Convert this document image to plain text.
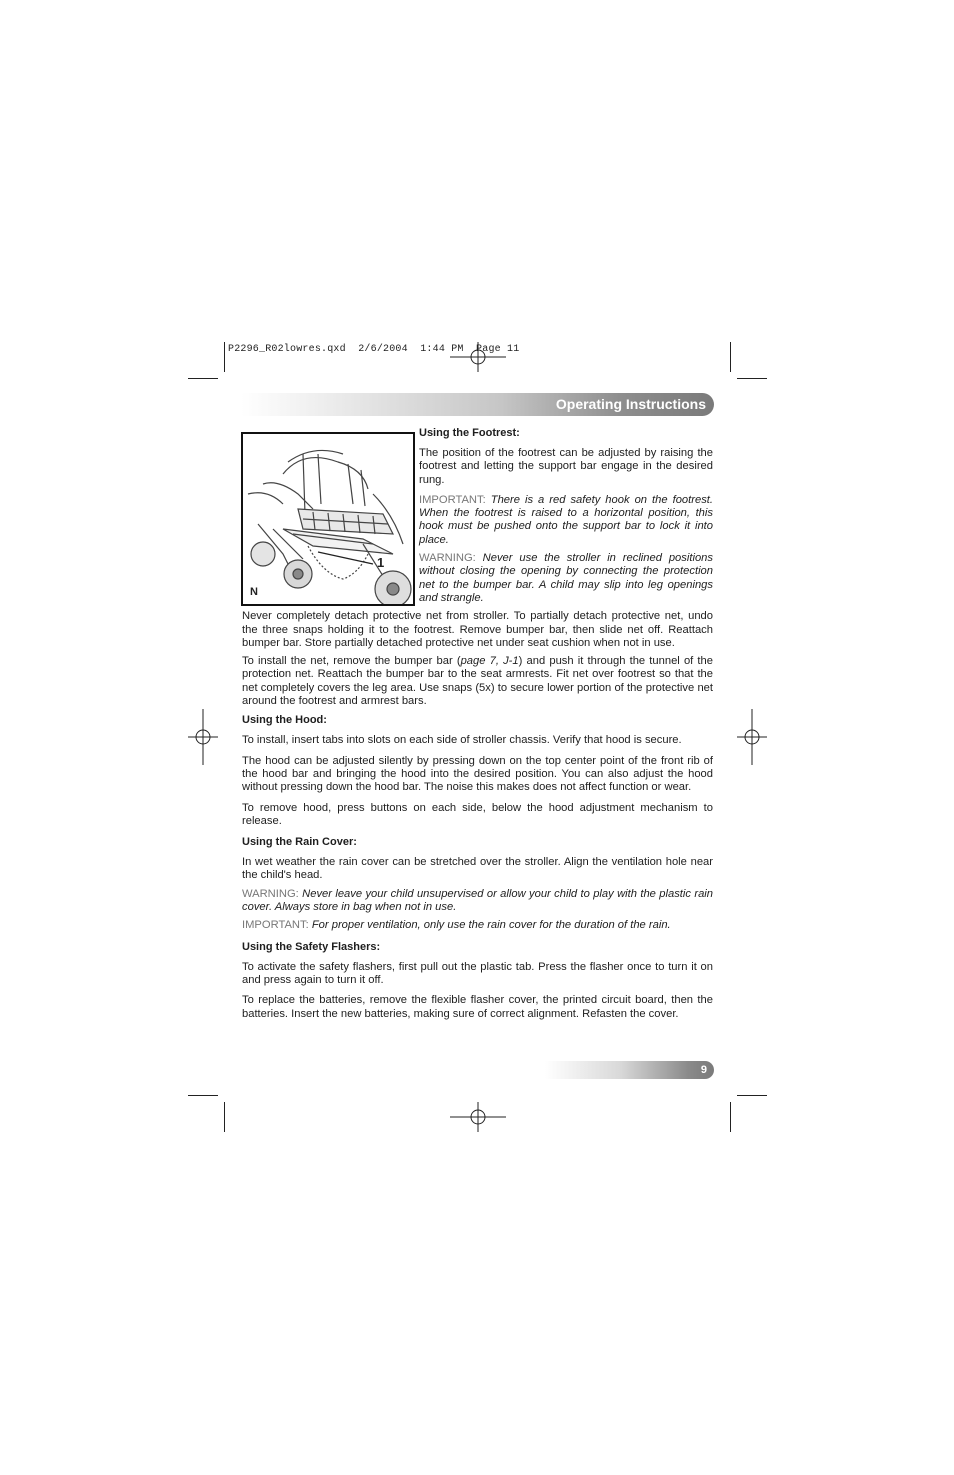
P2296_R02lowres.qxd  2/6/2004  1:44 PM  Page 11
Operating Instructions
N
1
Using the Footrest:

The position of the footrest can be adjusted by raising the footrest and letting the support bar engage in the desired rung.

IMPORTANT: There is a red safety hook on the footrest. When the footrest is raised to a horizontal position, this hook must be pushed onto the support bar to lock it into place.

WARNING: Never use the stroller in reclined positions without closing the opening by connecting the protection net to the bumper bar. A child may slip into leg openings and strangle.

Never completely detach protective net from stroller. To partially detach protective net, undo the three snaps holding it to the footrest. Remove bumper bar, then slide net off. Reattach bumper bar. Store partially detached protective net under seat cushion when not in use.

To install the net, remove the bumper bar (page 7, J-1) and push it through the tunnel of the protection net. Reattach the bumper bar to the seat armrests. Fit net over footrest so that the net completely covers the leg area. Use snaps (5x) to secure lower portion of the protective net around the footrest and armrest bars.

Using the Hood:

To install, insert tabs into slots on each side of stroller chassis. Verify that hood is secure.

The hood can be adjusted silently by pressing down on the top center point of the front rib of the hood bar and bringing the hood into the desired position. You can also adjust the hood without pressing down the hood bar. The noise this makes does not affect function or wear.

To remove hood, press buttons on each side, below the hood adjustment mechanism to release.

Using the Rain Cover:

In wet weather the rain cover can be stretched over the stroller. Align the ventilation hole near the child's head.

WARNING: Never leave your child unsupervised or allow your child to play with the plastic rain cover. Always store in bag when not in use.

IMPORTANT: For proper ventilation, only use the rain cover for the duration of the rain.

Using the Safety Flashers:

To activate the safety flashers, first pull out the plastic tab. Press the flasher once to turn it on and press again to turn it off.

To replace the batteries, remove the flexible flasher cover, the printed circuit board, then the batteries. Insert the new batteries, making sure of correct alignment. Refasten the cover.

9
